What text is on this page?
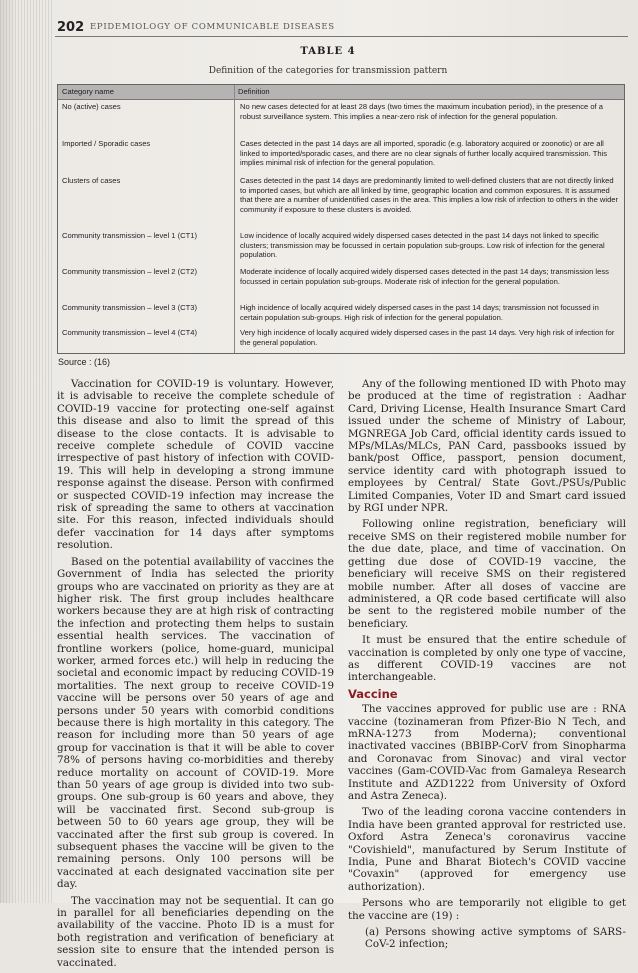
202 EPIDEMIOLOGY OF COMMUNICABLE DISEASES
TABLE 4
Definition of the categories for transmission pattern
Category name	Definition
No (active) cases	No new cases detected for at least 28 days (two times the maximum incubation period), in the presence of a robust surveillance system. This implies a near-zero risk of infection for the general population.
Imported / Sporadic cases	Cases detected in the past 14 days are all imported, sporadic (e.g. laboratory acquired or zoonotic) or are all linked to imported/sporadic cases, and there are no clear signals of further locally acquired transmission. This implies minimal risk of infection for the general population.
Clusters of cases	Cases detected in the past 14 days are predominantly limited to well-defined clusters that are not directly linked to imported cases, but which are all linked by time, geographic location and common exposures. It is assumed that there are a number of unidentified cases in the area. This implies a low risk of infection to others in the wider community if exposure to these clusters is avoided.
Community transmission – level 1 (CT1)	Low incidence of locally acquired widely dispersed cases detected in the past 14 days not linked to specific clusters; transmission may be focussed in certain population sub-groups. Low risk of infection for the general population.
Community transmission – level 2 (CT2)	Moderate incidence of locally acquired widely dispersed cases detected in the past 14 days; transmission less focussed in certain population sub-groups. Moderate risk of infection for the general population.
Community transmission – level 3 (CT3)	High incidence of locally acquired widely dispersed cases in the past 14 days; transmission not focussed in certain population sub-groups. High risk of infection for the general population.
Community transmission – level 4 (CT4)	Very high incidence of locally acquired widely dispersed cases in the past 14 days. Very high risk of infection for the general population.
Source : (16)

Vaccination for COVID-19 is voluntary. However, it is advisable to receive the complete schedule of COVID-19 vaccine for protecting one-self against this disease and also to limit the spread of this disease to the close contacts. It is advisable to receive complete schedule of COVID vaccine irrespective of past history of infection with COVID-19. This will help in developing a strong immune response against the disease. Person with confirmed or suspected COVID-19 infection may increase the risk of spreading the same to others at vaccination site. For this reason, infected individuals should defer vaccination for 14 days after symptoms resolution.

Based on the potential availability of vaccines the Government of India has selected the priority groups who are vaccinated on priority as they are at higher risk. The first group includes healthcare workers because they are at high risk of contracting the infection and protecting them helps to sustain essential health services. The vaccination of frontline workers (police, home-guard, municipal worker, armed forces etc.) will help in reducing the societal and economic impact by reducing COVID-19 mortalities. The next group to receive COVID-19 vaccine will be persons over 50 years of age and persons under 50 years with comorbid conditions because there is high mortality in this category. The reason for including more than 50 years of age group for vaccination is that it will be able to cover 78% of persons having co-morbidities and thereby reduce mortality on account of COVID-19. More than 50 years of age group is divided into two sub-groups. One sub-group is 60 years and above, they will be vaccinated first. Second sub-group is between 50 to 60 years age group, they will be vaccinated after the first sub group is covered. In subsequent phases the vaccine will be given to the remaining persons. Only 100 persons will be vaccinated at each designated vaccination site per day.

The vaccination may not be sequential. It can go in parallel for all beneficiaries depending on the availability of the vaccine. Photo ID is a must for both registration and verification of beneficiary at session site to ensure that the intended person is vaccinated.

Any of the following mentioned ID with Photo may be produced at the time of registration : Aadhar Card, Driving License, Health Insurance Smart Card issued under the scheme of Ministry of Labour, MGNREGA Job Card, official identity cards issued to MPs/MLAs/MLCs, PAN Card, passbooks issued by bank/post Office, passport, pension document, service identity card with photograph issued to employees by Central/ State Govt./PSUs/Public Limited Companies, Voter ID and Smart card issued by RGI under NPR.

Following online registration, beneficiary will receive SMS on their registered mobile number for the due date, place, and time of vaccination. On getting due dose of COVID-19 vaccine, the beneficiary will receive SMS on their registered mobile number. After all doses of vaccine are administered, a QR code based certificate will also be sent to the registered mobile number of the beneficiary.

It must be ensured that the entire schedule of vaccination is completed by only one type of vaccine, as different COVID-19 vaccines are not interchangeable.

Vaccine

The vaccines approved for public use are : RNA vaccine (tozinameran from Pfizer-Bio N Tech, and mRNA-1273 from Moderna); conventional inactivated vaccines (BBIBP-CorV from Sinopharma and Coronavac from Sinovac) and viral vector vaccines (Gam-COVID-Vac from Gamaleya Research Institute and AZD1222 from University of Oxford and Astra Zeneca).

Two of the leading corona vaccine contenders in India have been granted approval for restricted use. Oxford Astra Zeneca's coronavirus vaccine "Covishield", manufactured by Serum Institute of India, Pune and Bharat Biotech's COVID vaccine "Covaxin" (approved for emergency use authorization).

Persons who are temporarily not eligible to get the vaccine are (19) :

(a) Persons showing active symptoms of SARS-CoV-2 infection;
